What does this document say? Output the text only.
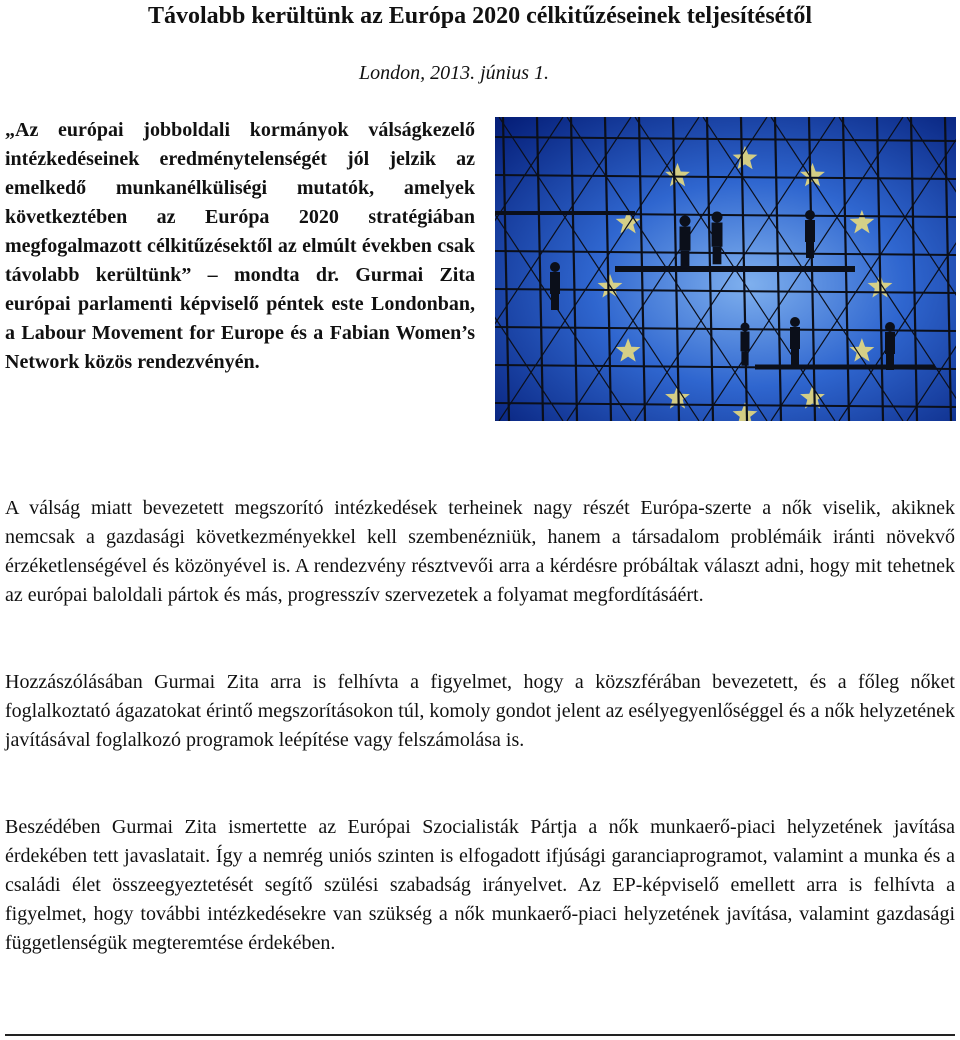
Távolabb kerültünk az Európa 2020 célkitűzéseinek teljesítésétől

London, 2013. június 1.

„Az európai jobboldali kormányok válságkezelő intézkedéseinek eredménytelenségét jól jelzik az emelkedő munkanélküliségi mutatók, amelyek következtében az Európa 2020 stratégiában megfogalmazott célkitűzésektől az elmúlt években csak távolabb kerültünk” – mondta dr. Gurmai Zita európai parlamenti képviselő péntek este Londonban, a Labour Movement for Europe és a Fabian Women’s Network közös rendezvényén.

A válság miatt bevezetett megszorító intézkedések terheinek nagy részét Európa-szerte a nők viselik, akiknek nemcsak a gazdasági következményekkel kell szembenézniük, hanem a társadalom problémáik iránti növekvő érzéketlenségével és közönyével is. A rendezvény résztvevői arra a kérdésre próbáltak választ adni, hogy mit tehetnek az európai baloldali pártok és más, progresszív szervezetek a folyamat megfordításáért.

Hozzászólásában Gurmai Zita arra is felhívta a figyelmet, hogy a közszférában bevezetett, és a főleg nőket foglalkoztató ágazatokat érintő megszorításokon túl, komoly gondot jelent az esélyegyenlőséggel és a nők helyzetének javításával foglalkozó programok leépítése vagy felszámolása is.

Beszédében Gurmai Zita ismertette az Európai Szocialisták Pártja a nők munkaerő-piaci helyzetének javítása érdekében tett javaslatait. Így a nemrég uniós szinten is elfogadott ifjúsági garanciaprogramot, valamint a munka és a családi élet összeegyeztetését segítő szülési szabadság irányelvet. Az EP-képviselő emellett arra is felhívta a figyelmet, hogy további intézkedésekre van szükség a nők munkaerő-piaci helyzetének javítása, valamint gazdasági függetlenségük megteremtése érdekében.
